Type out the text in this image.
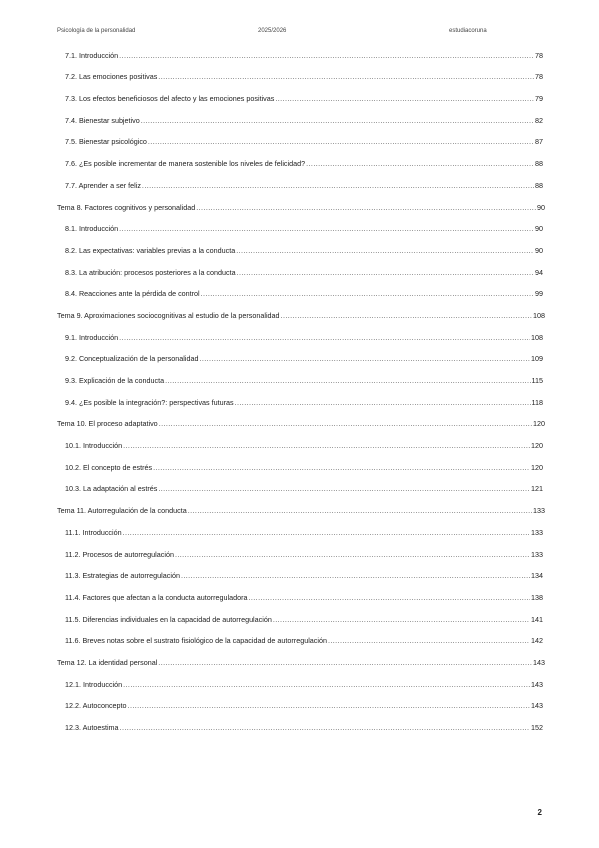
Psicología de la personalidad	2025/2026	estudiacoruna
7.1. Introducción .....	78
7.2. Las emociones positivas .....	78
7.3. Los efectos beneficiosos del afecto y las emociones positivas .....	79
7.4. Bienestar subjetivo .....	82
7.5. Bienestar psicológico .....	87
7.6. ¿Es posible incrementar de manera sostenible los niveles de felicidad? .....	88
7.7. Aprender a ser feliz .....	88
Tema 8. Factores cognitivos y personalidad .....	90
8.1. Introducción .....	90
8.2. Las expectativas: variables previas a la conducta .....	90
8.3. La atribución: procesos posteriores a la conducta .....	94
8.4. Reacciones ante la pérdida de control .....	99
Tema 9. Aproximaciones sociocognitivas al estudio de la personalidad .....	108
9.1. Introducción .....	108
9.2. Conceptualización de la personalidad .....	109
9.3. Explicación de la conducta .....	115
9.4. ¿Es posible la integración?: perspectivas futuras .....	118
Tema 10. El proceso adaptativo .....	120
10.1. Introducción .....	120
10.2. El concepto de estrés .....	120
10.3. La adaptación al estrés .....	121
Tema 11. Autorregulación de la conducta .....	133
11.1. Introducción .....	133
11.2. Procesos de autorregulación .....	133
11.3. Estrategias de autorregulación .....	134
11.4. Factores que afectan a la conducta autorreguladora .....	138
11.5. Diferencias individuales en la capacidad de autorregulación .....	141
11.6. Breves notas sobre el sustrato fisiológico de la capacidad de autorregulación .....	142
Tema 12. La identidad personal .....	143
12.1. Introducción .....	143
12.2. Autoconcepto .....	143
12.3. Autoestima .....	152
2
